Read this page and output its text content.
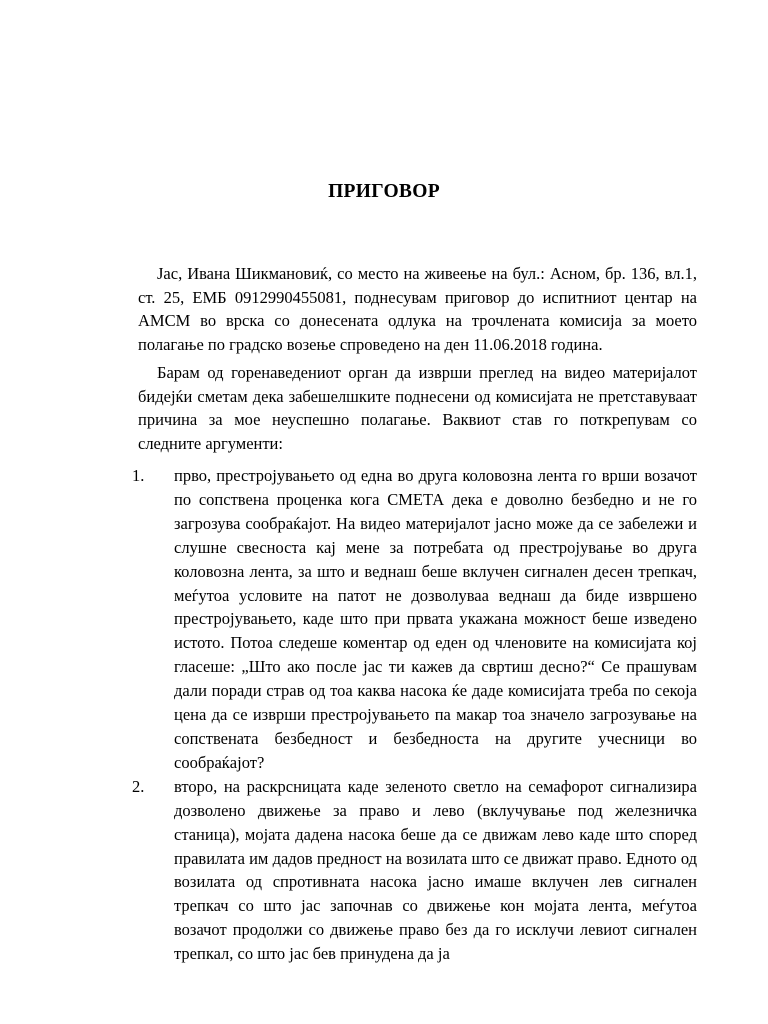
ПРИГОВОР

Јас, Ивана Шикмановиќ, со место на живеење на бул.: Асном, бр. 136, вл.1, ст. 25, ЕМБ 0912990455081, поднесувам приговор до испитниот центар на АМСМ во врска со донесената одлука на трочлената комисија за моето полагање по градско возење спроведено на ден 11.06.2018 година.

Барам од горенаведениот орган да изврши преглед на видео материјалот бидејќи сметам дека забешелшките поднесени од комисијата не претставуваат причина за мое неуспешно полагање. Ваквиот став го поткрепувам со следните аргументи:

1. прво, престројувањето од една во друга коловозна лента го врши возачот по сопствена проценка кога СМЕТА дека е доволно безбедно и не го загрозува сообраќајот. На видео материјалот јасно може да се забележи и слушне свесноста кај мене за потребата од престројување во друга коловозна лента, за што и веднаш беше вклучен сигнален десен трепкач, меѓутоа условите на патот не дозволуваа веднаш да биде извршено престројувањето, каде што при првата укажана можност беше изведено истото. Потоа следеше коментар од еден од членовите на комисијата кој гласеше: „Што ако после јас ти кажев да свртиш десно?“ Се прашувам дали поради страв од тоа каква насока ќе даде комисијата треба по секоја цена да се изврши престројувањето па макар тоа значело загрозување на сопствената безбедност и безбедноста на другите учесници во сообраќајот?
2. второ, на раскрсницата каде зеленото светло на семафорот сигнализира дозволено движење за право и лево (вклучување под железничка станица), мојата дадена насока беше да се движам лево каде што според правилата им дадов предност на возилата што се движат право. Едното од возилата од спротивната насока јасно имаше вклучен лев сигнален трепкач со што јас започнав со движење кон мојата лента, меѓутоа возачот продолжи со движење право без да го исклучи левиот сигнален трепкал, со што јас бев принудена да ја
